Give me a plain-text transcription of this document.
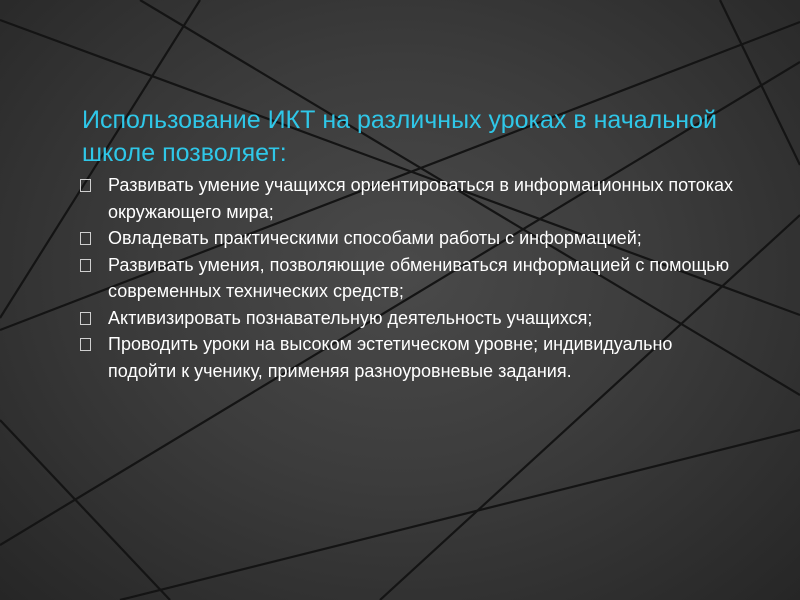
Использование ИКТ на различных уроках в начальной школе позволяет:
Развивать умение учащихся ориентироваться в информационных потоках окружающего мира;
Овладевать практическими способами работы с информацией;
Развивать умения, позволяющие обмениваться информацией с помощью современных технических средств;
Активизировать познавательную деятельность учащихся;
Проводить уроки на высоком эстетическом уровне; индивидуально подойти к ученику, применяя разноуровневые задания.
